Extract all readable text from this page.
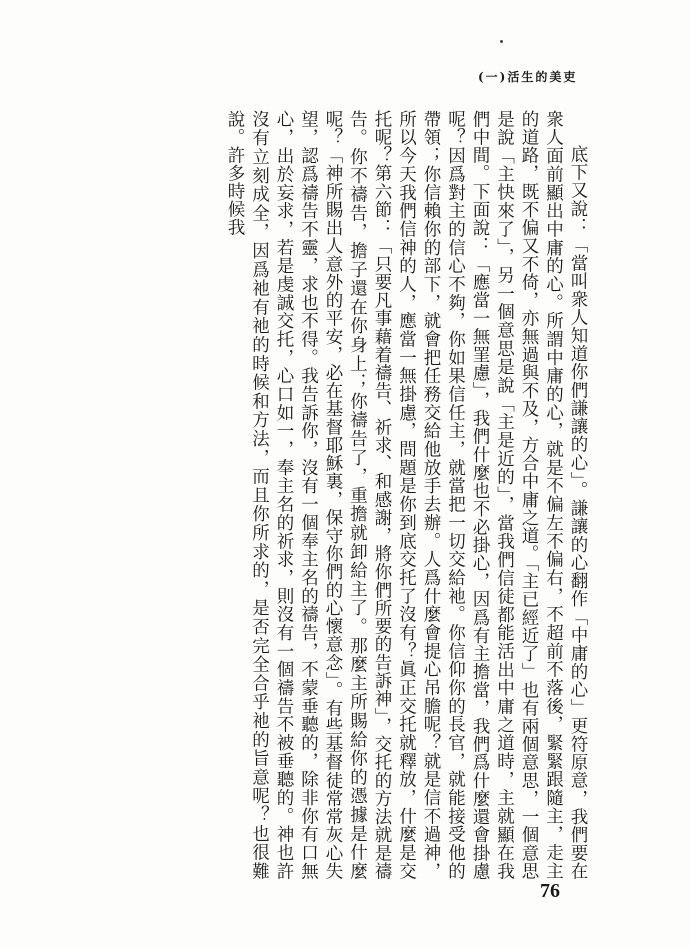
(一)活生的美吏

底下又說：「當叫衆人知道你們謙讓的心」。謙讓的心翻作「中庸的心」更符原意，我們要在衆人面前顯出中庸的心。所謂中庸的心，就是不偏左不偏右，不超前不落後，緊緊跟隨主，走主的道路，既不偏又不倚，亦無過與不及，方合中庸之道。「主已經近了」也有兩個意思，一個意思是說「主快來了」，另一個意思是說「主是近的」，當我們信徒都能活出中庸之道時，主就顯在我們中間。下面說：「應當一無罣慮」，我們什麼也不必掛心，因爲有主擔當，我們爲什麼還會掛慮呢？因爲對主的信心不夠，你如果信任主，就當把一切交給祂。你信仰你的長官，就能接受他的帶領；你信賴你的部下，就會把任務交給他放手去辦。人爲什麼會提心吊膽呢？就是信不過神，所以今天我們信神的人，應當一無掛慮，問題是你到底交托了沒有？眞正交托就釋放，什麼是交托呢？第六節：「只要凡事藉着禱告、祈求、和感謝，將你們所要的告訴神」，交托的方法就是禱告。你不禱告，擔子還在你身上；你禱告了，重擔就卸給主了。那麼主所賜給你的憑據是什麼呢？「神所賜出人意外的平安，必在基督耶穌裏，保守你們的心懷意念」。有些基督徒常常灰心失望，認爲禱告不靈，求也不得。我告訴你，沒有一個奉主名的禱告，不蒙垂聽的，除非你有口無心，出於妄求，若是虔誠交托，心口如一，奉主名的祈求，則沒有一個禱告不被垂聽的。神也許沒有立刻成全，因爲祂有祂的時候和方法，而且你所求的，是否完全合乎祂的旨意呢？也很難說。許多時候我

76
